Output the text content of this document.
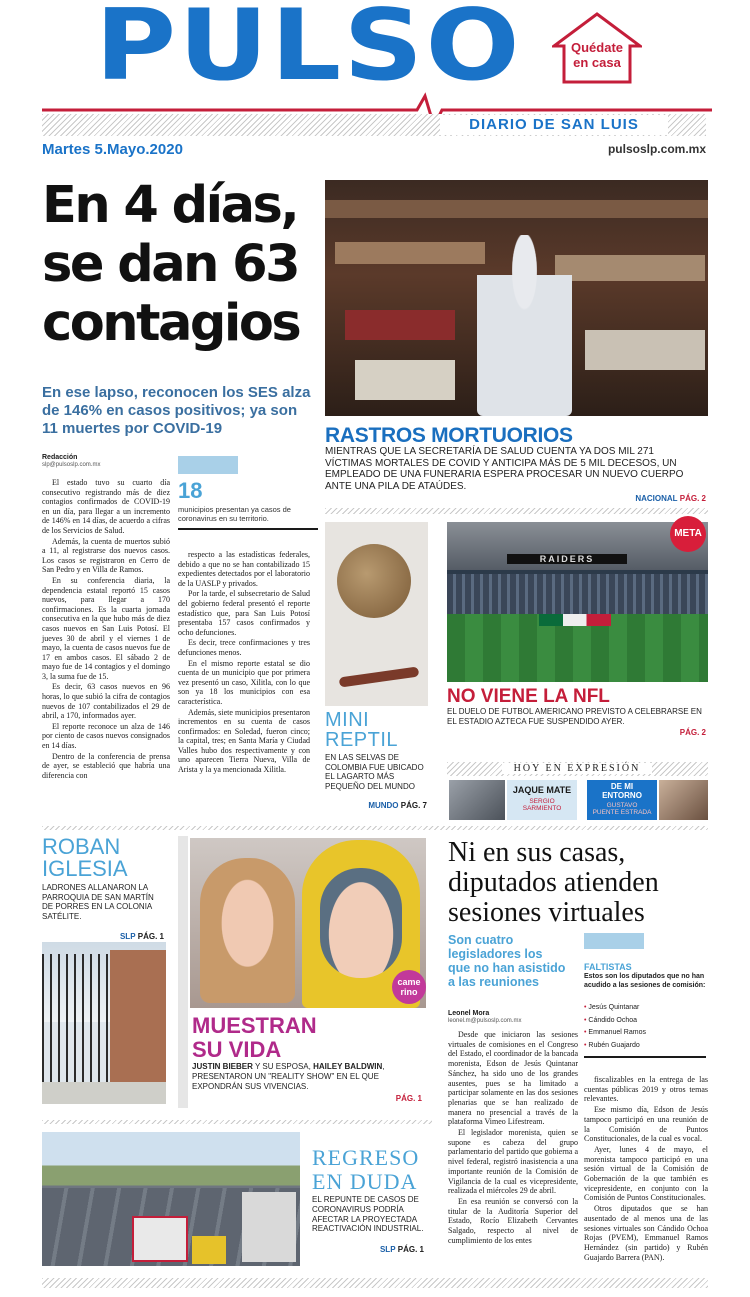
PULSO	Quédate
en casa
DIARIO DE SAN LUIS
Martes 5.Mayo.2020	pulsoslp.com.mx
En 4 días, se dan 63 contagios
En ese lapso, reconocen los SES alza de 146% en casos positivos; ya son 11 muertes por COVID-19
Redacción
slp@pulsoslp.com.mx
18
municipios presentan ya casos de coronavirus en su territorio.

El estado tuvo su cuarto día consecutivo registrando más de diez contagios confirmados de COVID-19 en un día, para llegar a un incremento de 146% en 14 días, de acuerdo a cifras de los Servicios de Salud.

Además, la cuenta de muertos subió a 11, al registrarse dos nuevos casos. Los casos se registraron en Cerro de San Pedro y en Villa de Ramos.

En su conferencia diaria, la dependencia estatal reportó 15 casos nuevos, para llegar a 170 confirmaciones. Es la cuarta jornada consecutiva en la que hubo más de diez casos nuevos en San Luis Potosí. El jueves 30 de abril y el viernes 1 de mayo, la cuenta de casos nuevos fue de 17 en ambos casos. El sábado 2 de mayo fue de 14 contagios y el domingo 3, la suma fue de 15.

Es decir, 63 casos nuevos en 96 horas, lo que subió la cifra de contagios nuevos de 107 contabilizados el 29 de abril, a 170, informados ayer.

El reporte reconoce un alza de 146 por ciento de casos nuevos consignados en 14 días.

Dentro de la conferencia de prensa de ayer, se estableció que habría una diferencia con

respecto a las estadísticas federales, debido a que no se han contabilizado 15 expedientes detectados por el laboratorio de la UASLP y privados.

Por la tarde, el subsecretario de Salud del gobierno federal presentó el reporte estadístico que, para San Luis Potosí presentaba 157 casos confirmados y ocho defunciones.

Es decir, trece confirmaciones y tres defunciones menos.

En el mismo reporte estatal se dio cuenta de un municipio que por primera vez presentó un caso, Xilitla, con lo que son ya 18 los municipios con esa característica.

Además, siete municipios presentaron incrementos en su cuenta de casos confirmados: en Soledad, fueron cinco; la capital, tres; en Santa María y Ciudad Valles hubo dos respectivamente y con uno aparecen Tierra Nueva, Villa de Arista y la ya mencionada Xilitla.

RASTROS MORTUORIOS
MIENTRAS QUE LA SECRETARÍA DE SALUD CUENTA YA DOS MIL 271 VÍCTIMAS MORTALES DE COVID Y ANTICIPA MÁS DE 5 MIL DECESOS, UN EMPLEADO DE UNA FUNERARIA ESPERA PROCESAR UN NUEVO CUERPO ANTE UNA PILA DE ATAÚDES.
NACIONAL PÁG. 2
MINI
REPTIL
EN LAS SELVAS DE COLOMBIA FUE UBICADO EL LAGARTO MÁS PEQUEÑO DEL MUNDO
MUNDO PÁG. 7
RAIDERS
META
NO VIENE LA NFL
EL DUELO DE FUTBOL AMERICANO PREVISTO A CELEBRARSE EN EL ESTADIO AZTECA FUE SUSPENDIDO AYER.
PÁG. 2
HOY EN EXPRESIÓN
JAQUE MATE
SERGIO
SARMIENTO
DE MI
ENTORNO
GUSTAVO
PUENTE ESTRADA
ROBAN
IGLESIA
LADRONES ALLANARON LA PARROQUIA DE SAN MARTÍN DE PORRES EN LA COLONIA SATÉLITE.
SLP PÁG. 1
came
rino
MUESTRAN
SU VIDA
JUSTIN BIEBER Y SU ESPOSA, HAILEY BALDWIN, PRESENTARON UN "REALITY SHOW" EN EL QUE EXPONDRÁN SUS VIVENCIAS.
PÁG. 1
Ni en sus casas, diputados atienden sesiones virtuales
Son cuatro legisladores los que no han asistido a las reuniones
FALTISTAS
Estos son los diputados que no han acudido a las sesiones de comisión:
• Jesús Quintanar
• Cándido Ochoa
• Emmanuel Ramos
• Rubén Guajardo
Leonel Mora
leonel.m@pulsoslp.com.mx

Desde que iniciaron las sesiones virtuales de comisiones en el Congreso del Estado, el coordinador de la bancada morenista, Edson de Jesús Quintanar Sánchez, ha sido uno de los grandes ausentes, pues se ha limitado a participar solamente en las dos sesiones plenarias que se han realizado de manera no presencial a través de la plataforma Vimeo Lifestream.

El legislador morenista, quien se supone es cabeza del grupo parlamentario del partido que gobierna a nivel federal, registró inasistencia a una importante reunión de la Comisión de Vigilancia de la cual es vicepresidente, realizada el miércoles 29 de abril.

En esa reunión se conversó con la titular de la Auditoría Superior del Estado, Rocío Elizabeth Cervantes Salgado, respecto al nivel de cumplimiento de los entes

fiscalizables en la entrega de las cuentas públicas 2019 y otros temas relevantes.

Ese mismo día, Edson de Jesús tampoco participó en una reunión de la Comisión de Puntos Constitucionales, de la cual es vocal.

Ayer, lunes 4 de mayo, el morenista tampoco participó en una sesión virtual de la Comisión de Gobernación de la que también es vicepresidente, en conjunto con la Comisión de Puntos Constitucionales.

Otros diputados que se han ausentado de al menos una de las sesiones virtuales son Cándido Ochoa Rojas (PVEM), Emmanuel Ramos Hernández (sin partido) y Rubén Guajardo Barrera (PAN).

REGRESO
EN DUDA
EL REPUNTE DE CASOS DE CORONAVIRUS PODRÍA AFECTAR LA PROYECTADA REACTIVACIÓN INDUSTRIAL.
SLP PÁG. 1
